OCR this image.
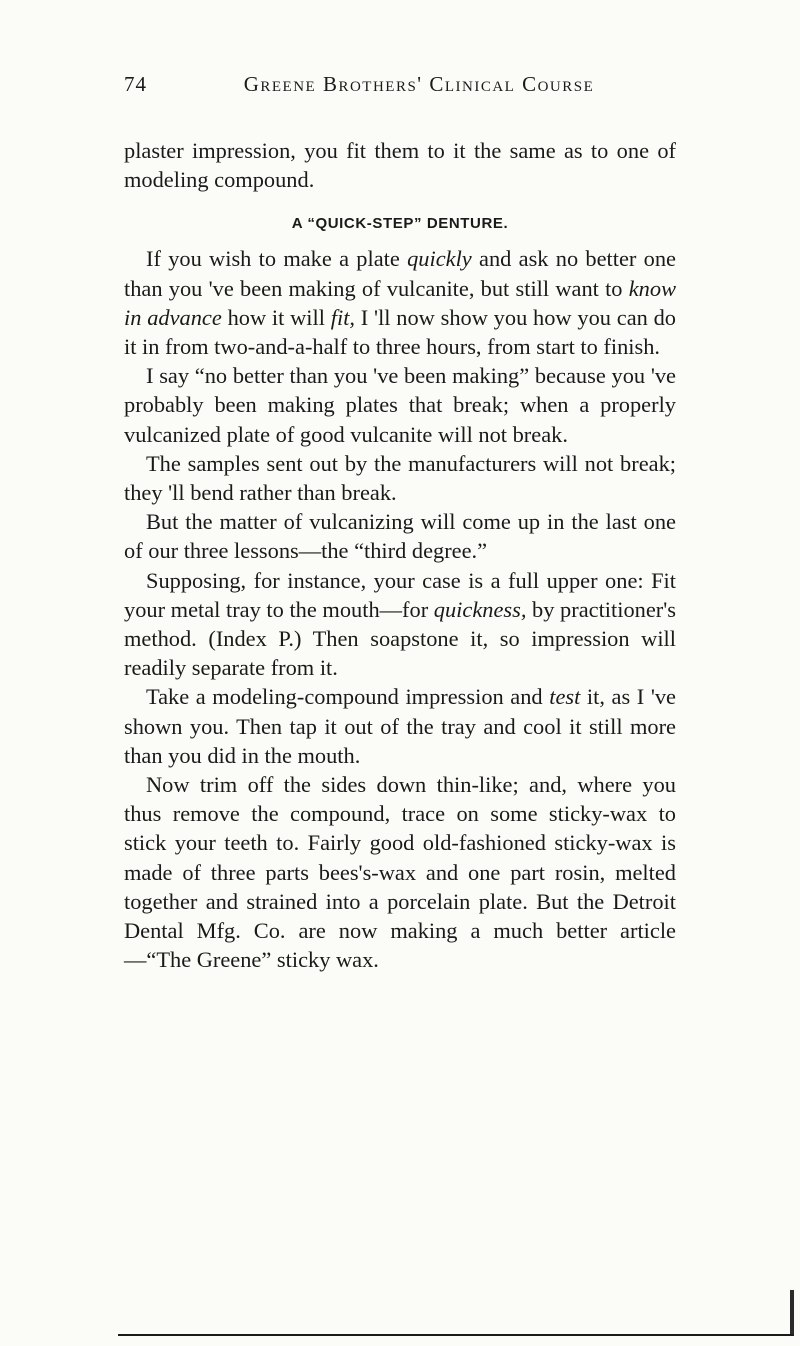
74	Greene Brothers' Clinical Course

plaster impression, you fit them to it the same as to one of modeling compound.

A “QUICK-STEP” DENTURE.

If you wish to make a plate quickly and ask no better one than you 've been making of vulcanite, but still want to know in advance how it will fit, I 'll now show you how you can do it in from two-and-a-half to three hours, from start to finish.

I say “no better than you 've been making” because you 've probably been making plates that break; when a properly vulcanized plate of good vulcanite will not break.

The samples sent out by the manufacturers will not break; they 'll bend rather than break.

But the matter of vulcanizing will come up in the last one of our three lessons—the “third degree.”

Supposing, for instance, your case is a full upper one: Fit your metal tray to the mouth—for quickness, by practitioner's method. (Index P.) Then soapstone it, so impression will readily separate from it.

Take a modeling-compound impression and test it, as I 've shown you. Then tap it out of the tray and cool it still more than you did in the mouth.

Now trim off the sides down thin-like; and, where you thus remove the compound, trace on some sticky-wax to stick your teeth to. Fairly good old-fashioned sticky-wax is made of three parts bees's-wax and one part rosin, melted together and strained into a porcelain plate. But the Detroit Dental Mfg. Co. are now making a much better article—“The Greene” sticky wax.
